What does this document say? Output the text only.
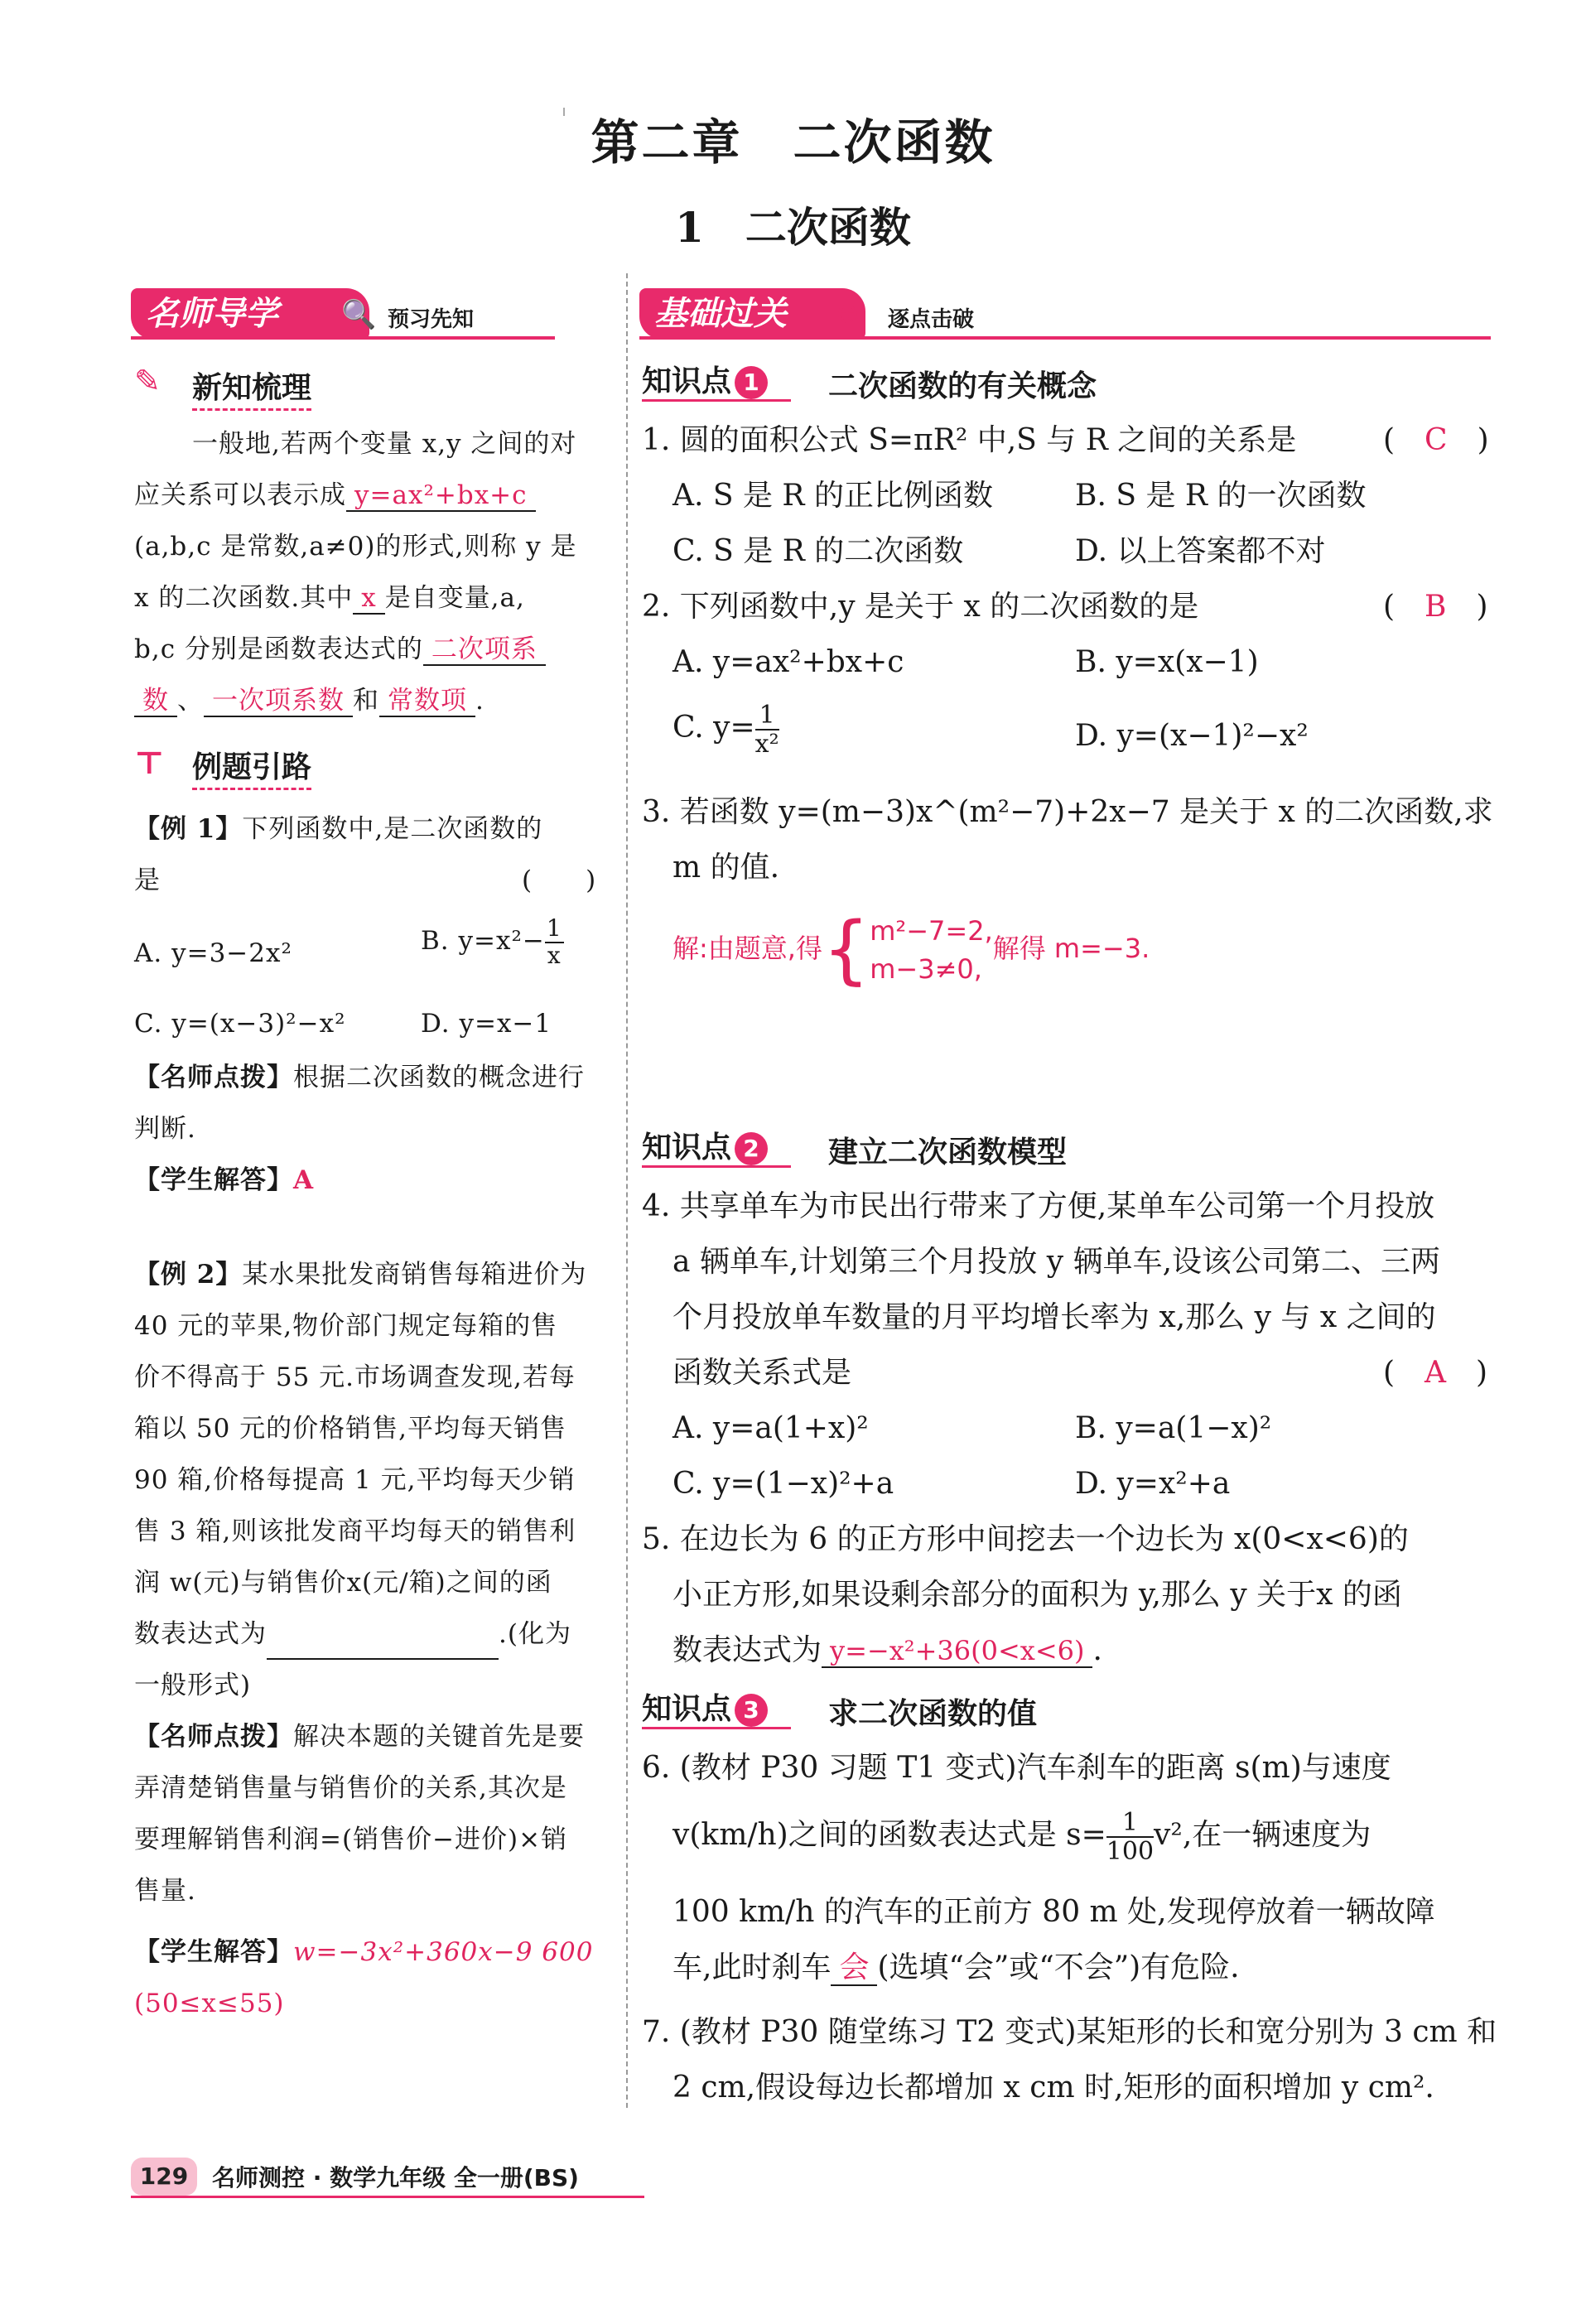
第二章　二次函数
1　二次函数
名师导学	🔍 预习先知
✎ 新知梳理
一般地,若两个变量 x,y 之间的对
应关系可以表示成 y=ax²+bx+c
(a,b,c 是常数,a≠0)的形式,则称 y 是
x 的二次函数.其中 x 是自变量,a,
b,c 分别是函数表达式的 二次项系
数 、 一次项系数 和 常数项 .
⊤ 例题引路
【例 1】下列函数中,是二次函数的
是	(　　)
A. y=3−2x²	B. $y=x^2- \frac{1}{x}$
C. y=(x−3)²−x²	D. y=x−1
【名师点拨】根据二次函数的概念进行
判断.
【学生解答】A
【例 2】某水果批发商销售每箱进价为
40 元的苹果,物价部门规定每箱的售
价不得高于 55 元.市场调查发现,若每
箱以 50 元的价格销售,平均每天销售
90 箱,价格每提高 1 元,平均每天少销
售 3 箱,则该批发商平均每天的销售利
润 w(元)与销售价x(元/箱)之间的函
数表达式为	.(化为
一般形式)
【名师点拨】解决本题的关键首先是要
弄清楚销售量与销售价的关系,其次是
要理解销售利润=(销售价−进价)×销
售量.
【学生解答】w=−3x²+360x−9 600
(50≤x≤55)
基础过关	⊕ 逐点击破
知识点 1 二次函数的有关概念
1. 圆的面积公式 S=πR² 中,S 与 R 之间的关系是	(　C　)
A. S 是 R 的正比例函数	B. S 是 R 的一次函数
C. S 是 R 的二次函数	D. 以上答案都不对
2. 下列函数中,y 是关于 x 的二次函数的是	(　B　)
A. y=ax²+bx+c	B. y=x(x−1)
C. $y= \frac{1}{\text{x²}}$	D. y=(x−1)²−x²
3. 若函数 y=(m−3)x^(m²−7)+2x−7 是关于 x 的二次函数,求
m 的值.
解:由题意,得{ m²−7=2,
m−3≠0,
解得 m=−3.
知识点 2 建立二次函数模型
4. 共享单车为市民出行带来了方便,某单车公司第一个月投放
a 辆单车,计划第三个月投放 y 辆单车,设该公司第二、三两
个月投放单车数量的月平均增长率为 x,那么 y 与 x 之间的
函数关系式是	(　A　)
A. y=a(1+x)²	B. y=a(1−x)²
C. y=(1−x)²+a	D. y=x²+a
5. 在边长为 6 的正方形中间挖去一个边长为 x(0<x<6)的
小正方形,如果设剩余部分的面积为 y,那么 y 关于x 的函
数表达式为 y=−x²+36(0<x<6) .
知识点 3 求二次函数的值
6. (教材 P30 习题 T1 变式)汽车刹车的距离 s(m)与速度
v(km/h)之间的函数表达式是 $s= \frac{1}{100} v^2$,在一辆速度为
100 km/h 的汽车的正前方 80 m 处,发现停放着一辆故障
车,此时刹车 会 (选填“会”或“不会”)有危险.
7. (教材 P30 随堂练习 T2 变式)某矩形的长和宽分别为 3 cm 和
2 cm,假设每边长都增加 x cm 时,矩形的面积增加 y cm².
129	名师测控 · 数学九年级 全一册(BS)
